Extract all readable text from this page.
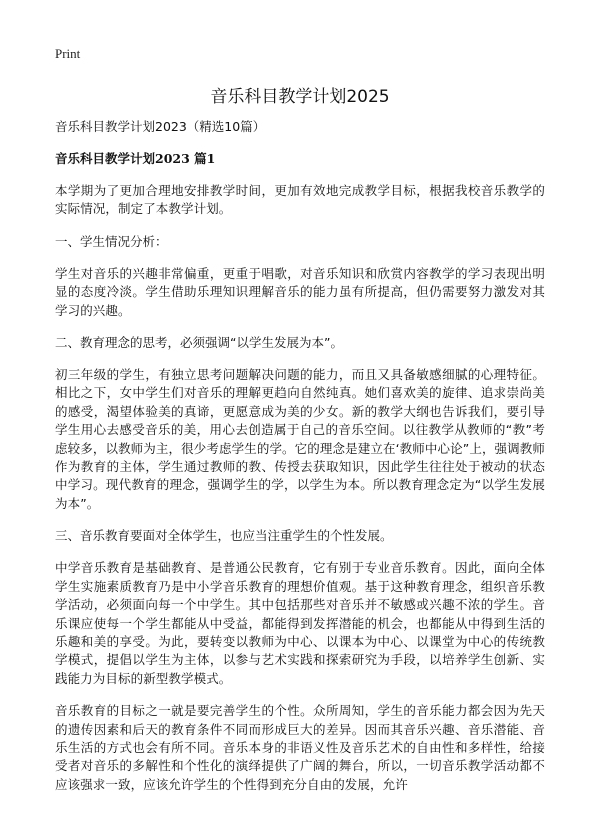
Print
音乐科目教学计划2025
音乐科目教学计划2023（精选10篇）
音乐科目教学计划2023 篇1

本学期为了更加合理地安排教学时间，更加有效地完成教学目标，根据我校音乐教学的实际情况，制定了本教学计划。

一、学生情况分析：

学生对音乐的兴趣非常偏重，更重于唱歌，对音乐知识和欣赏内容教学的学习表现出明显的态度冷淡。学生借助乐理知识理解音乐的能力虽有所提高，但仍需要努力激发对其学习的兴趣。

二、教育理念的思考，必须强调“以学生发展为本”。

初三年级的学生，有独立思考问题解决问题的能力，而且又具备敏感细腻的心理特征。相比之下，女中学生们对音乐的理解更趋向自然纯真。她们喜欢美的旋律、追求崇尚美的感受，渴望体验美的真谛，更愿意成为美的少女。新的教学大纲也告诉我们，要引导学生用心去感受音乐的美，用心去创造属于自己的音乐空间。以往教学从教师的“教”考虑较多，以教师为主，很少考虑学生的学。它的理念是建立在‘教师中心论”上，强调教师作为教育的主体，学生通过教师的教、传授去获取知识，因此学生往往处于被动的状态中学习。现代教育的理念，强调学生的学，以学生为本。所以教育理念定为“以学生发展为本”。

三、音乐教育要面对全体学生，也应当注重学生的个性发展。

中学音乐教育是基础教育、是普通公民教育，它有别于专业音乐教育。因此，面向全体学生实施素质教育乃是中小学音乐教育的理想价值观。基于这种教育理念，组织音乐教学活动，必须面向每一个中学生。其中包括那些对音乐并不敏感或兴趣不浓的学生。音乐课应使每一个学生都能从中受益，都能得到发挥潜能的机会，也都能从中得到生活的乐趣和美的享受。为此，要转变以教师为中心、以课本为中心、以课堂为中心的传统教学模式，提倡以学生为主体，以参与艺术实践和探索研究为手段，以培养学生创新、实践能力为目标的新型教学模式。

音乐教育的目标之一就是要完善学生的个性。众所周知，学生的音乐能力都会因为先天的遗传因素和后天的教育条件不同而形成巨大的差异。因而其音乐兴趣、音乐潜能、音乐生活的方式也会有所不同。音乐本身的非语义性及音乐艺术的自由性和多样性，给接受者对音乐的多解性和个性化的演绎提供了广阔的舞台，所以，一切音乐教学活动都不应该强求一致，应该允许学生的个性得到充分自由的发展，允许
